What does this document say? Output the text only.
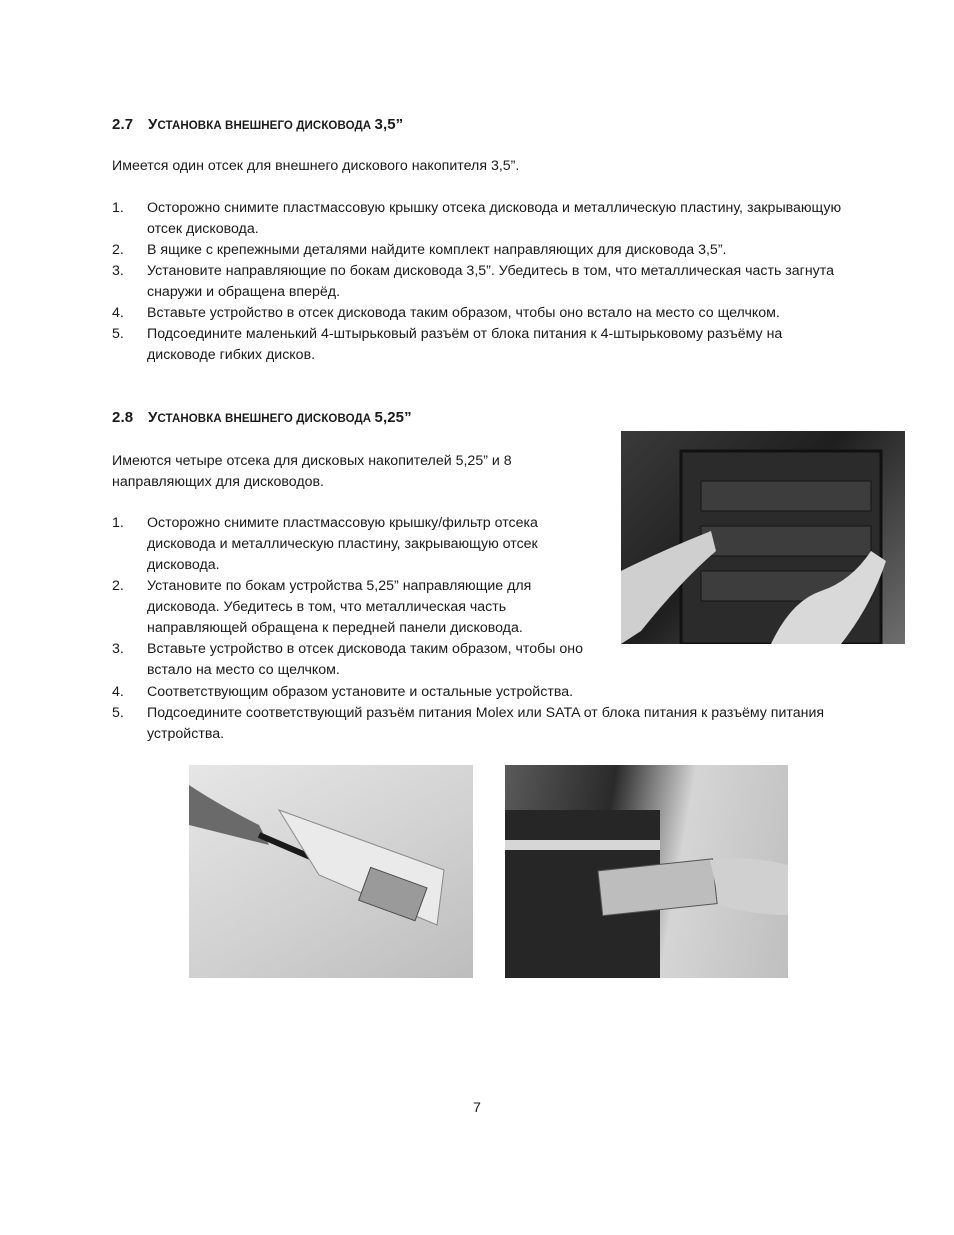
2.7 УСТАНОВКА ВНЕШНЕГО ДИСКОВОДА 3,5”
Имеется один отсек для внешнего дискового накопителя 3,5”.
1. Осторожно снимите пластмассовую крышку отсека дисковода и металлическую пластину, закрывающую отсек дисковода.
2. В ящике с крепежными деталями найдите комплект направляющих для дисковода 3,5”.
3. Установите направляющие по бокам дисковода 3,5”. Убедитесь в том, что металлическая часть загнута снаружи и обращена вперёд.
4. Вставьте устройство в отсек дисковода таким образом, чтобы оно встало на место со щелчком.
5. Подсоедините маленький 4-штырьковый разъём от блока питания к 4-штырьковому разъёму на дисководе гибких дисков.
2.8 УСТАНОВКА ВНЕШНЕГО ДИСКОВОДА 5,25”
Имеются четыре отсека для дисковых накопителей 5,25” и 8 направляющих для дисководов.
1. Осторожно снимите пластмассовую крышку/фильтр отсека дисковода и металлическую пластину, закрывающую отсек дисковода.
2. Установите по бокам устройства 5,25” направляющие для дисковода. Убедитесь в том, что металлическая часть направляющей обращена к передней панели дисковода.
3. Вставьте устройство в отсек дисковода таким образом, чтобы оно встало на место со щелчком.
4. Соответствующим образом установите и остальные устройства.
5. Подсоедините соответствующий разъём питания Molex или SATA от блока питания к разъёму питания устройства.
7
